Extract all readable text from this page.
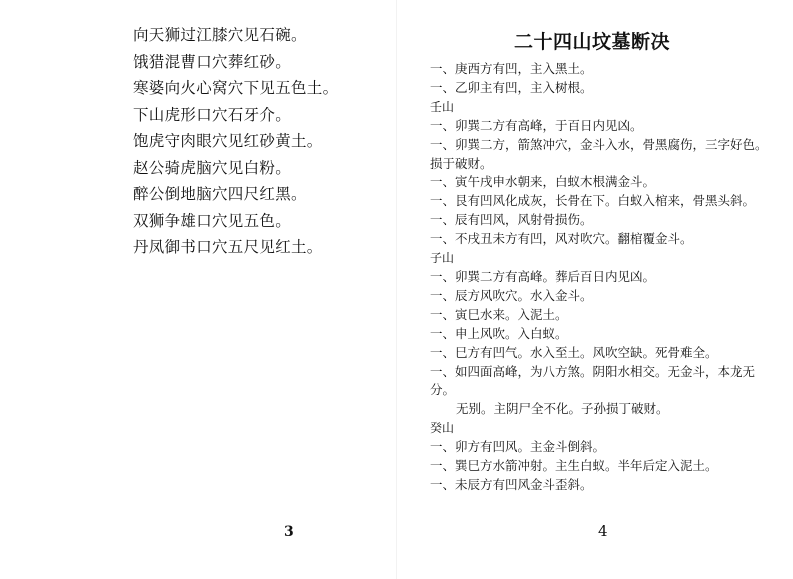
向天狮过江膝穴见石碗。
饿猎混曹口穴葬红砂。
寒婆向火心窝穴下见五色土。
下山虎形口穴石牙介。
饱虎守肉眼穴见红砂黄土。
赵公骑虎脑穴见白粉。
醉公倒地脑穴四尺红黑。
双狮争雄口穴见五色。
丹凤御书口穴五尺见红土。
3
二十四山坟墓断决
一、庚西方有凹，主入黑土。
一、乙卯主有凹，主入树根。
壬山
一、卯巽二方有高峰，于百日内见凶。
一、卯巽二方，箭煞冲穴，金斗入水，骨黑腐伤，三字好色。损于破财。
一、寅午戌申水朝来，白蚁木根满金斗。
一、艮有凹风化成灰，长骨在下。白蚁入棺来，骨黑头斜。
一、辰有凹风，风射骨损伤。
一、不戌丑未方有凹，风对吹穴。翻棺覆金斗。
子山
一、卯巽二方有高峰。葬后百日内见凶。
一、辰方风吹穴。水入金斗。
一、寅巳水来。入泥土。
一、申上风吹。入白蚁。
一、巳方有凹气。水入至土。风吹空缺。死骨难全。
一、如四面高峰，为八方煞。阴阳水相交。无金斗，本龙无分。
无别。主阴尸全不化。子孙损丁破财。
癸山
一、卯方有凹风。主金斗倒斜。
一、巽巳方水箭冲射。主生白蚁。半年后定入泥土。
一、未辰方有凹风金斗歪斜。
4
